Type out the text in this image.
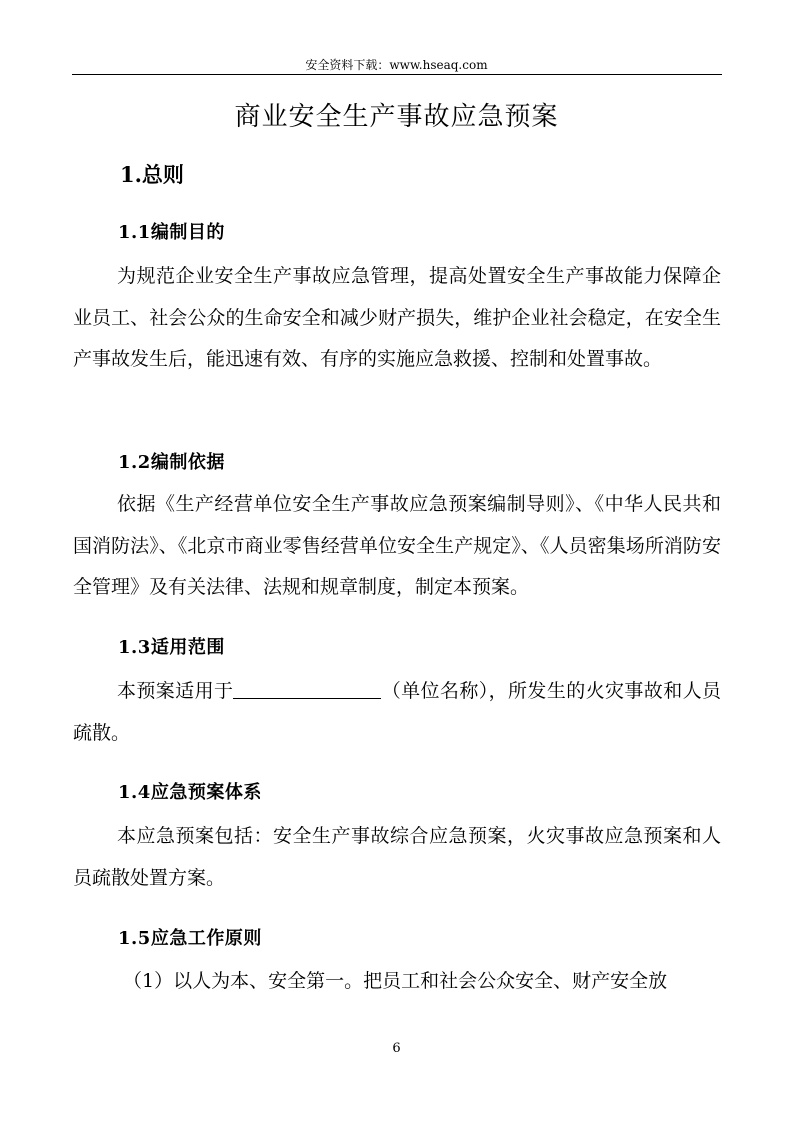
安全资料下载：www.hseaq.com
商业安全生产事故应急预案
1.总则
1.1编制目的
为规范企业安全生产事故应急管理，提高处置安全生产事故能力保障企业员工、社会公众的生命安全和减少财产损失，维护企业社会稳定，在安全生产事故发生后，能迅速有效、有序的实施应急救援、控制和处置事故。
1.2编制依据
依据《生产经营单位安全生产事故应急预案编制导则》、《中华人民共和国消防法》、《北京市商业零售经营单位安全生产规定》、《人员密集场所消防安全管理》及有关法律、法规和规章制度，制定本预案。
1.3适用范围
本预案适用于	（单位名称），所发生的火灾事故和人员疏散。
1.4应急预案体系
本应急预案包括：安全生产事故综合应急预案，火灾事故应急预案和人员疏散处置方案。
1.5应急工作原则
（1）以人为本、安全第一。把员工和社会公众安全、财产安全放
6
